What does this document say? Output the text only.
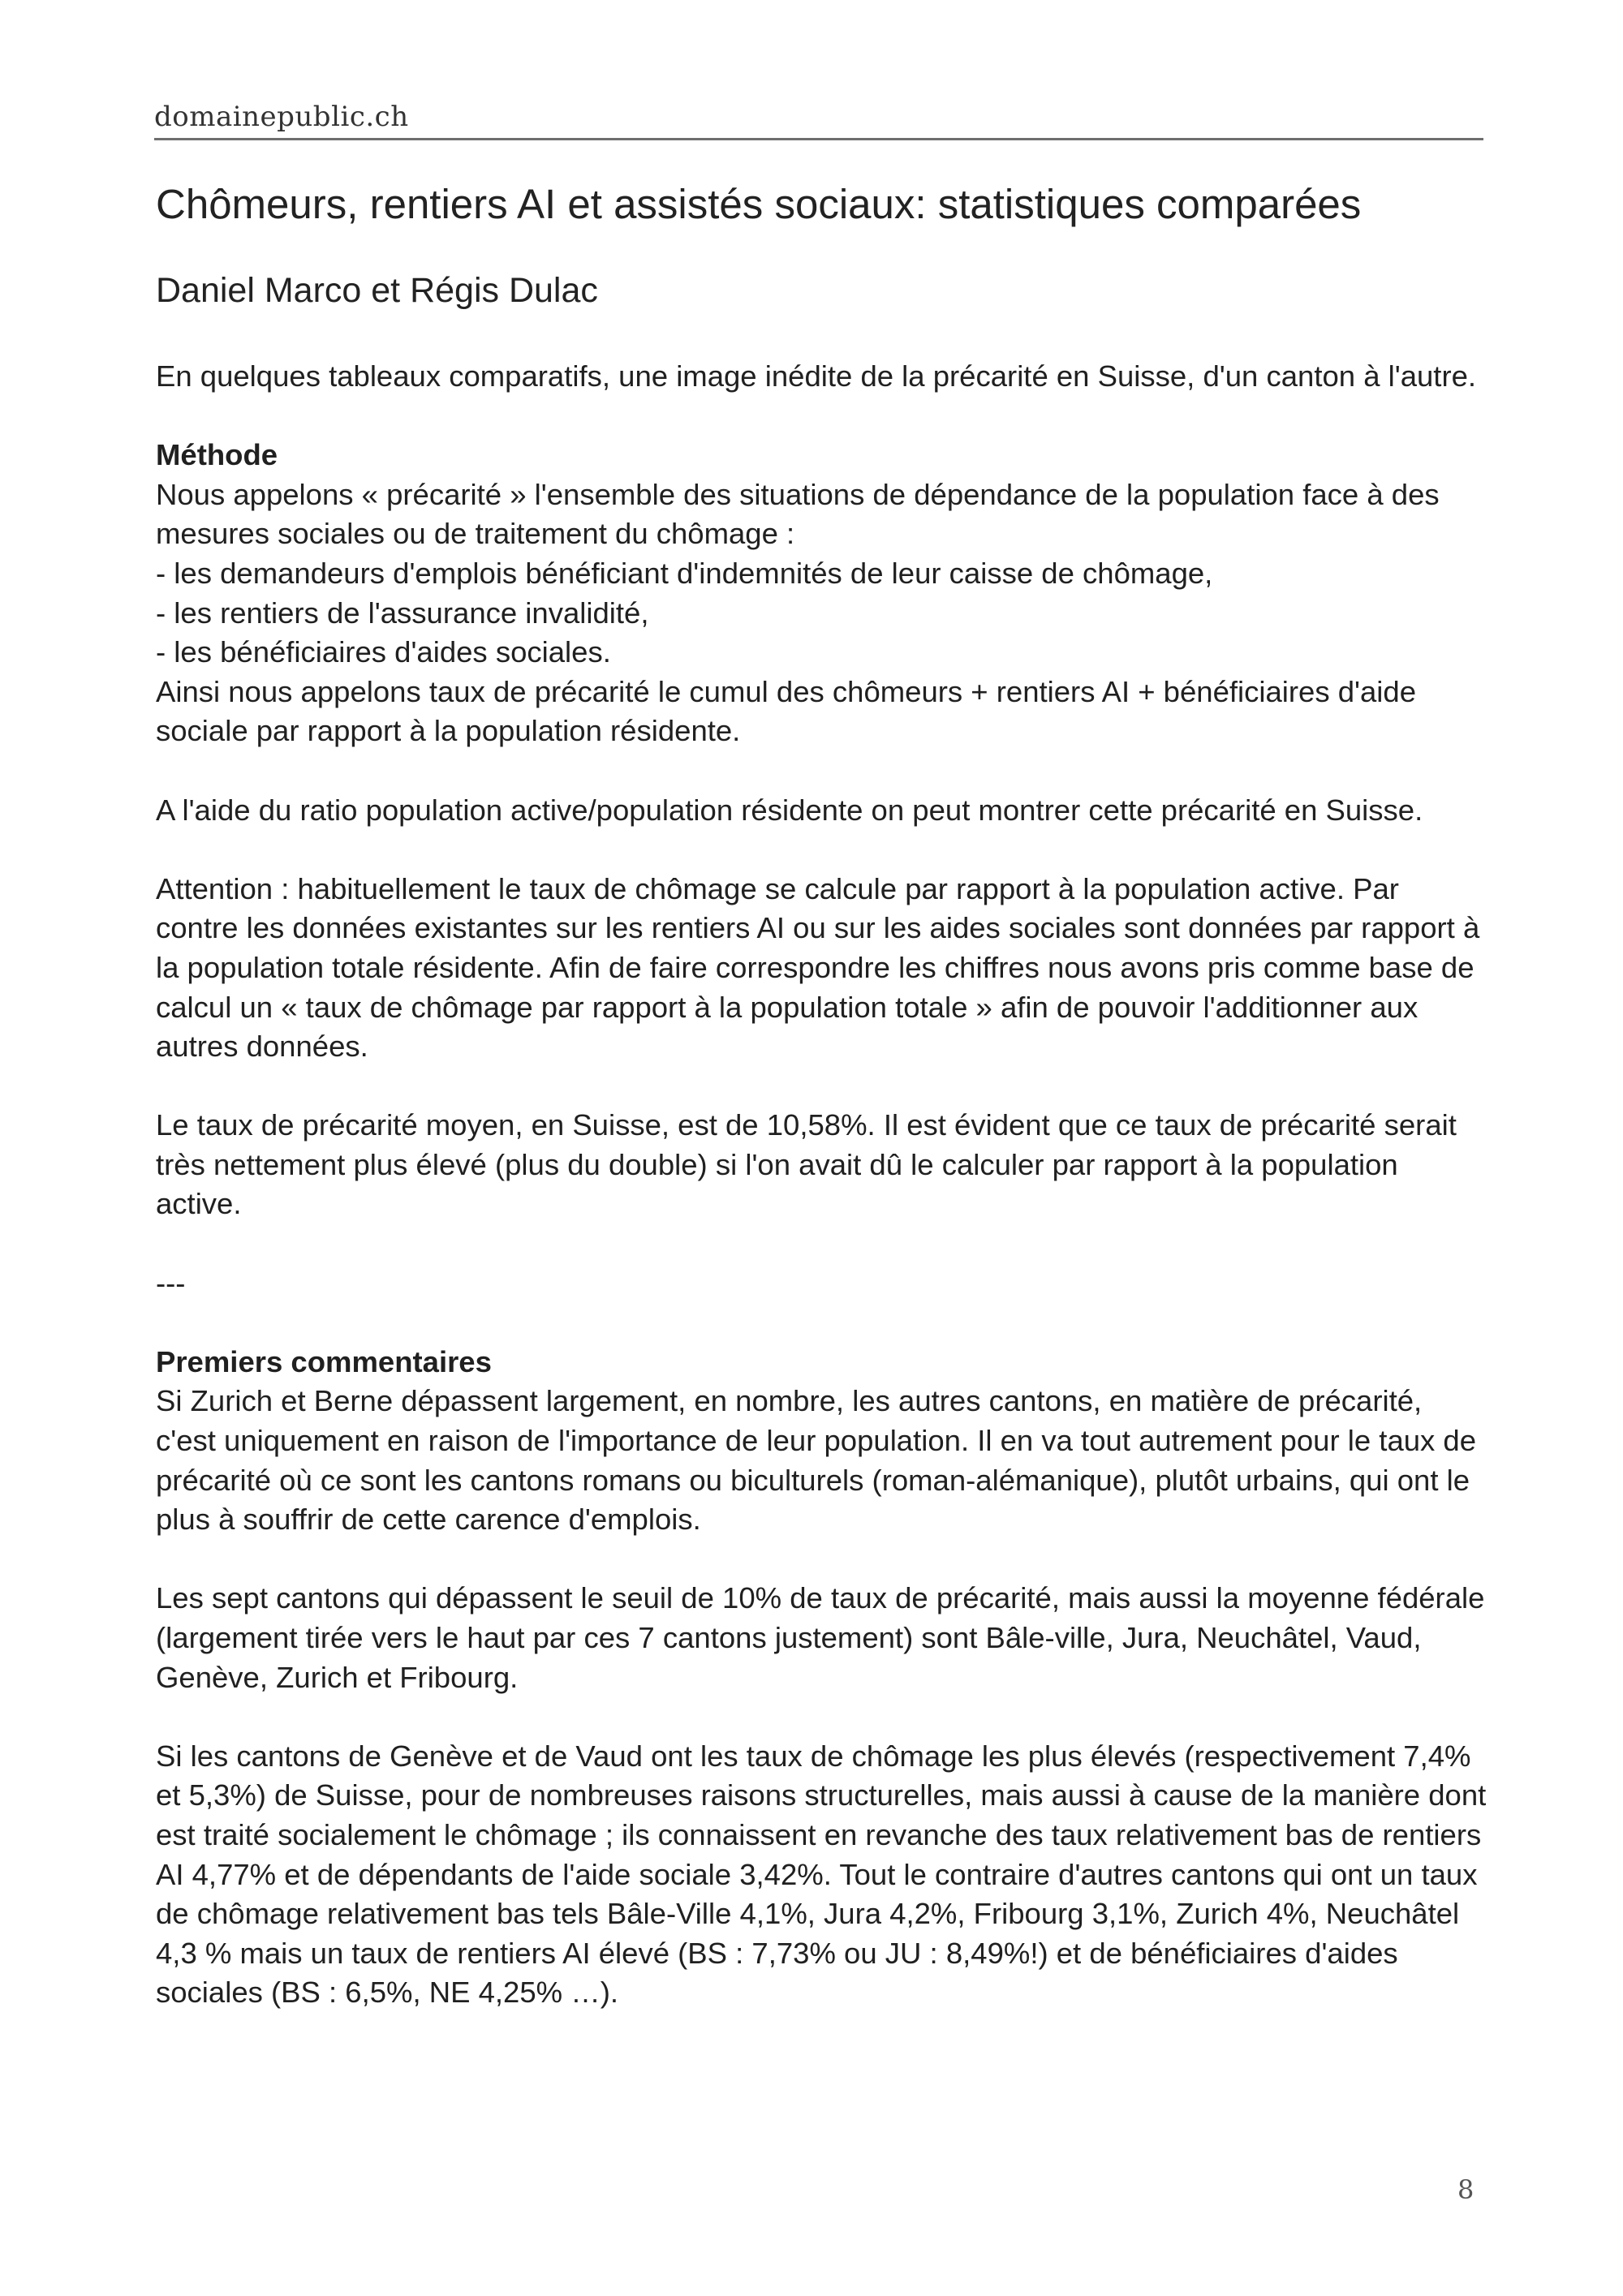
domainepublic.ch
Chômeurs, rentiers AI et assistés sociaux: statistiques comparées
Daniel Marco et Régis Dulac

En quelques tableaux comparatifs, une image inédite de la précarité en Suisse, d'un canton à l'autre.

Méthode
Nous appelons « précarité » l'ensemble des situations de dépendance de la population face à des mesures sociales ou de traitement du chômage :
- les demandeurs d'emplois bénéficiant d'indemnités de leur caisse de chômage,
- les rentiers de l'assurance invalidité,
- les bénéficiaires d'aides sociales.
Ainsi nous appelons taux de précarité le cumul des chômeurs + rentiers AI + bénéficiaires d'aide sociale par rapport à la population résidente.

A l'aide du ratio population active/population résidente on peut montrer cette précarité en Suisse.

Attention : habituellement le taux de chômage se calcule par rapport à la population active. Par contre les données existantes sur les rentiers AI ou sur les aides sociales sont données par rapport à la population totale résidente. Afin de faire correspondre les chiffres nous avons pris comme base de calcul un « taux de chômage par rapport à la population totale » afin de pouvoir l'additionner aux autres données.

Le taux de précarité moyen, en Suisse, est de 10,58%. Il est évident que ce taux de précarité serait très nettement plus élevé (plus du double) si l'on avait dû le calculer par rapport à la population active.

---

Premiers commentaires
Si Zurich et Berne dépassent largement, en nombre, les autres cantons, en matière de précarité, c'est uniquement en raison de l'importance de leur population. Il en va tout autrement pour le taux de précarité où ce sont les cantons romans ou biculturels (roman-alémanique), plutôt urbains, qui ont le plus à souffrir de cette carence d'emplois.

Les sept cantons qui dépassent le seuil de 10% de taux de précarité, mais aussi la moyenne fédérale (largement tirée vers le haut par ces 7 cantons justement) sont Bâle-ville, Jura, Neuchâtel, Vaud, Genève, Zurich et Fribourg.

Si les cantons de Genève et de Vaud ont les taux de chômage les plus élevés (respectivement 7,4% et 5,3%) de Suisse, pour de nombreuses raisons structurelles, mais aussi à cause de la manière dont est traité socialement le chômage ; ils connaissent en revanche des taux relativement bas de rentiers AI 4,77% et de dépendants de l'aide sociale 3,42%. Tout le contraire d'autres cantons qui ont un taux de chômage relativement bas tels Bâle-Ville 4,1%, Jura 4,2%, Fribourg 3,1%, Zurich 4%, Neuchâtel 4,3 % mais un taux de rentiers AI élevé (BS : 7,73% ou JU : 8,49%!) et de bénéficiaires d'aides sociales (BS : 6,5%, NE 4,25% …).

8
